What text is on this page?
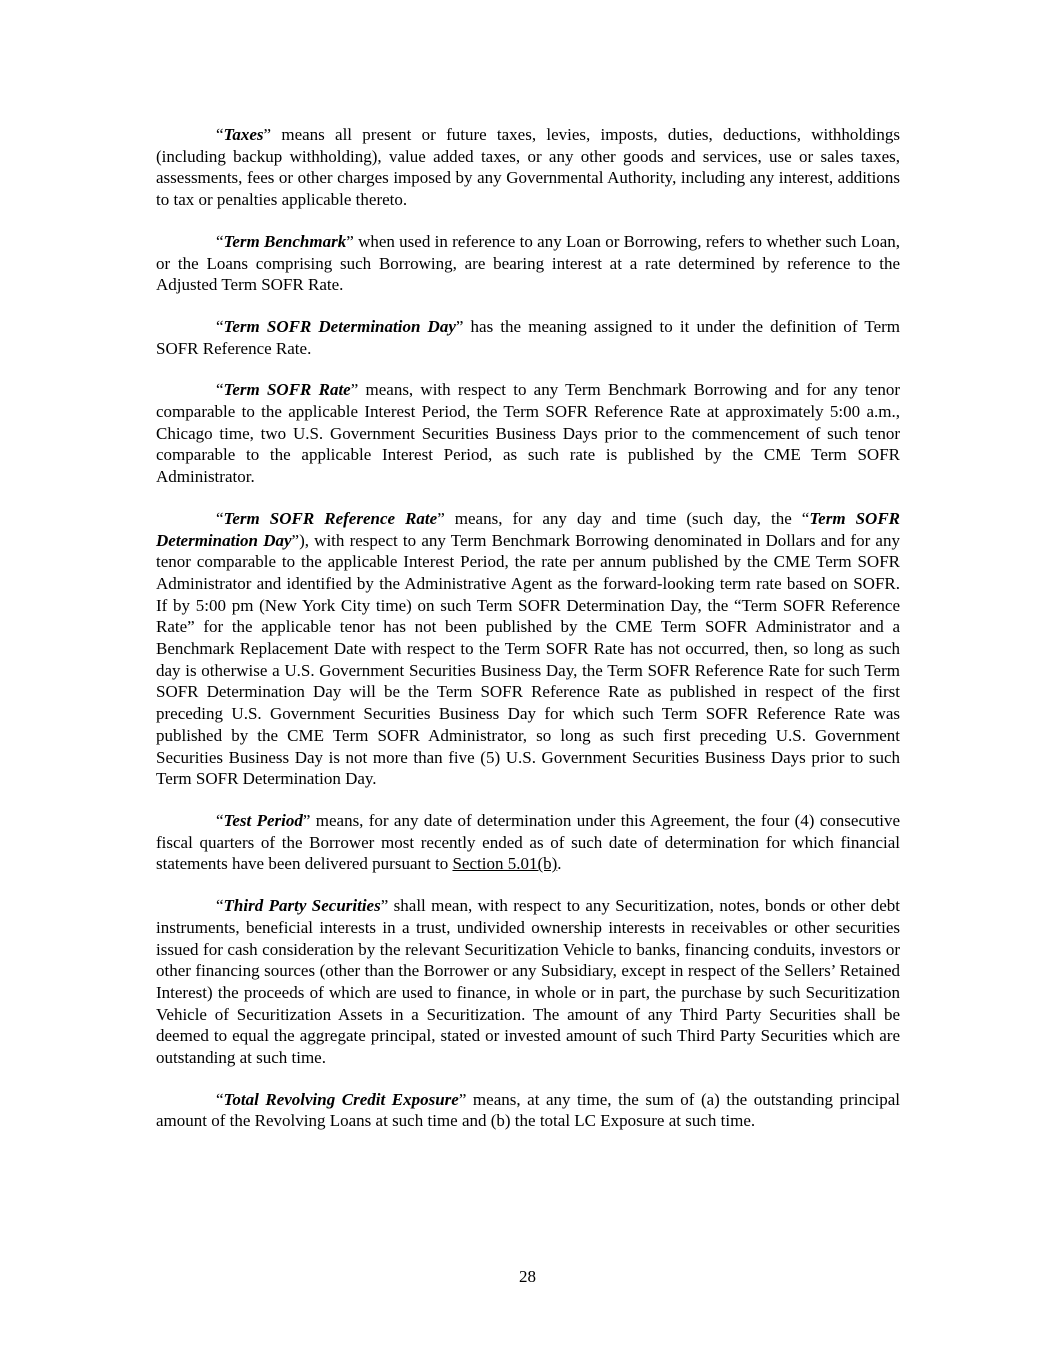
“Taxes” means all present or future taxes, levies, imposts, duties, deductions, withholdings (including backup withholding), value added taxes, or any other goods and services, use or sales taxes, assessments, fees or other charges imposed by any Governmental Authority, including any interest, additions to tax or penalties applicable thereto.

“Term Benchmark” when used in reference to any Loan or Borrowing, refers to whether such Loan, or the Loans comprising such Borrowing, are bearing interest at a rate determined by reference to the Adjusted Term SOFR Rate.

“Term SOFR Determination Day” has the meaning assigned to it under the definition of Term SOFR Reference Rate.

“Term SOFR Rate” means, with respect to any Term Benchmark Borrowing and for any tenor comparable to the applicable Interest Period, the Term SOFR Reference Rate at approximately 5:00 a.m., Chicago time, two U.S. Government Securities Business Days prior to the commencement of such tenor comparable to the applicable Interest Period, as such rate is published by the CME Term SOFR Administrator.

“Term SOFR Reference Rate” means, for any day and time (such day, the “Term SOFR Determination Day”), with respect to any Term Benchmark Borrowing denominated in Dollars and for any tenor comparable to the applicable Interest Period, the rate per annum published by the CME Term SOFR Administrator and identified by the Administrative Agent as the forward-looking term rate based on SOFR. If by 5:00 pm (New York City time) on such Term SOFR Determination Day, the “Term SOFR Reference Rate” for the applicable tenor has not been published by the CME Term SOFR Administrator and a Benchmark Replacement Date with respect to the Term SOFR Rate has not occurred, then, so long as such day is otherwise a U.S. Government Securities Business Day, the Term SOFR Reference Rate for such Term SOFR Determination Day will be the Term SOFR Reference Rate as published in respect of the first preceding U.S. Government Securities Business Day for which such Term SOFR Reference Rate was published by the CME Term SOFR Administrator, so long as such first preceding U.S. Government Securities Business Day is not more than five (5) U.S. Government Securities Business Days prior to such Term SOFR Determination Day.

“Test Period” means, for any date of determination under this Agreement, the four (4) consecutive fiscal quarters of the Borrower most recently ended as of such date of determination for which financial statements have been delivered pursuant to Section 5.01(b).

“Third Party Securities” shall mean, with respect to any Securitization, notes, bonds or other debt instruments, beneficial interests in a trust, undivided ownership interests in receivables or other securities issued for cash consideration by the relevant Securitization Vehicle to banks, financing conduits, investors or other financing sources (other than the Borrower or any Subsidiary, except in respect of the Sellers’ Retained Interest) the proceeds of which are used to finance, in whole or in part, the purchase by such Securitization Vehicle of Securitization Assets in a Securitization. The amount of any Third Party Securities shall be deemed to equal the aggregate principal, stated or invested amount of such Third Party Securities which are outstanding at such time.

“Total Revolving Credit Exposure” means, at any time, the sum of (a) the outstanding principal amount of the Revolving Loans at such time and (b) the total LC Exposure at such time.

28
